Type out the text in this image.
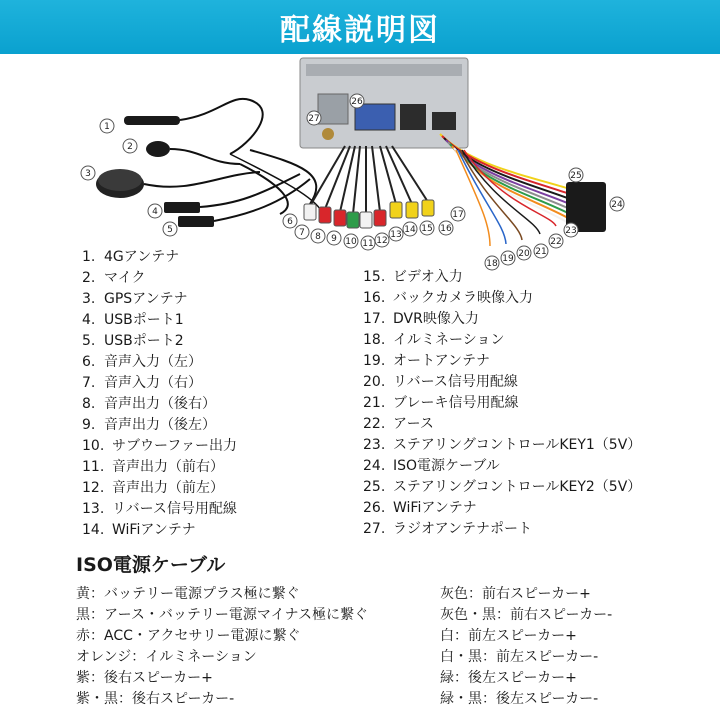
配線説明図
1
2
3
4
5
6
7 8 9 10 11 12
13 14 15 16
17
18 19 20 21
22
23
24
25
26
27
1. 4Gアンテナ
2. マイク
3. GPSアンテナ
4. USBポート1
5. USBポート2
6. 音声入力（左）
7. 音声入力（右）
8. 音声出力（後右）
9. 音声出力（後左）
10. サブウーファー出力
11. 音声出力（前右）
12. 音声出力（前左）
13. リバース信号用配線
14. WiFiアンテナ
15. ビデオ入力
16. バックカメラ映像入力
17. DVR映像入力
18. イルミネーション
19. オートアンテナ
20. リバース信号用配線
21. ブレーキ信号用配線
22. アース
23. ステアリングコントロールKEY1（5V）
24. ISO電源ケーブル
25. ステアリングコントロールKEY2（5V）
26. WiFiアンテナ
27. ラジオアンテナポート
ISO電源ケーブル
黄：バッテリー電源プラス極に繋ぐ
黒：アース・バッテリー電源マイナス極に繋ぐ
赤：ACC・アクセサリー電源に繋ぐ
オレンジ：イルミネーション
紫：後右スピーカー+
紫・黒：後右スピーカー-
灰色：前右スピーカー+
灰色・黒：前右スピーカー-
白：前左スピーカー+
白・黒：前左スピーカー-
緑：後左スピーカー+
緑・黒：後左スピーカー-
